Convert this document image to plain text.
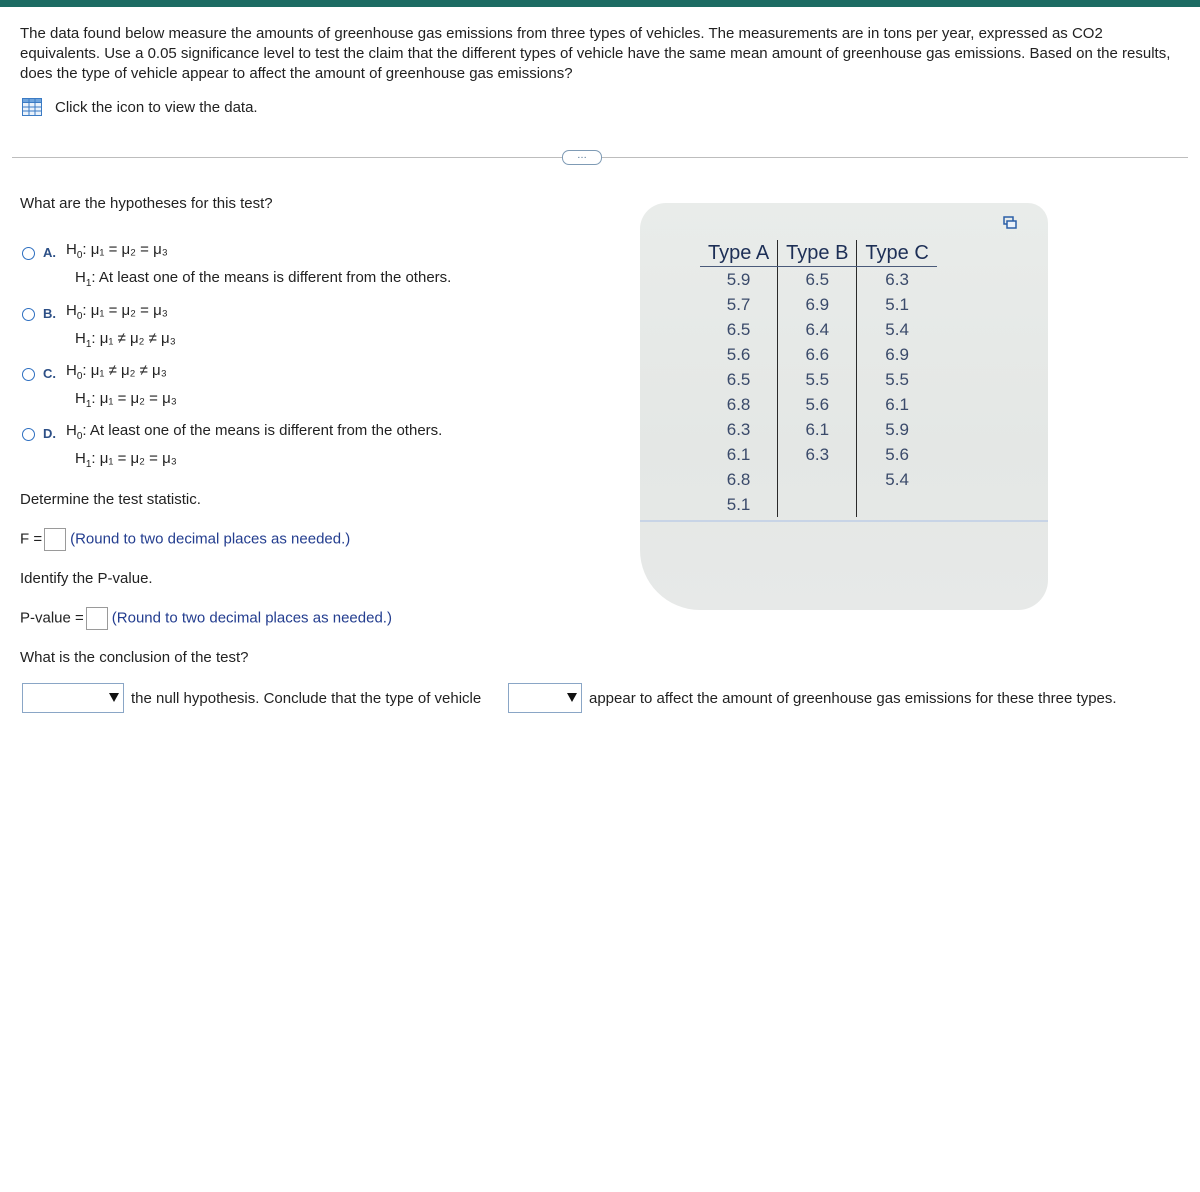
The data found below measure the amounts of greenhouse gas emissions from three types of vehicles. The measurements are in tons per year, expressed as CO2 equivalents. Use a 0.05 significance level to test the claim that the different types of vehicle have the same mean amount of greenhouse gas emissions. Based on the results, does the type of vehicle appear to affect the amount of greenhouse gas emissions?
Click the icon to view the data.
…
What are the hypotheses for this test?
A. $H_0$: μ₁ = μ₂ = μ₃
$H_1$: At least one of the means is different from the others.
B. $H_0$: μ₁ = μ₂ = μ₃
$H_1$: μ₁ ≠ μ₂ ≠ μ₃
C. $H_0$: μ₁ ≠ μ₂ ≠ μ₃
$H_1$: μ₁ = μ₂ = μ₃
D. $H_0$: At least one of the means is different from the others.
$H_1$: μ₁ = μ₂ = μ₃
Determine the test statistic.
F = (Round to two decimal places as needed.)
Identify the P-value.
P-value = (Round to two decimal places as needed.)
What is the conclusion of the test?
the null hypothesis. Conclude that the type of vehicle	appear to affect the amount of greenhouse gas emissions for these three types.
Type A	Type B	Type C
5.9	6.5	6.3
5.7	6.9	5.1
6.5	6.4	5.4
5.6	6.6	6.9
6.5	5.5	5.5
6.8	5.6	6.1
6.3	6.1	5.9
6.1	6.3	5.6
6.8		5.4
5.1		
